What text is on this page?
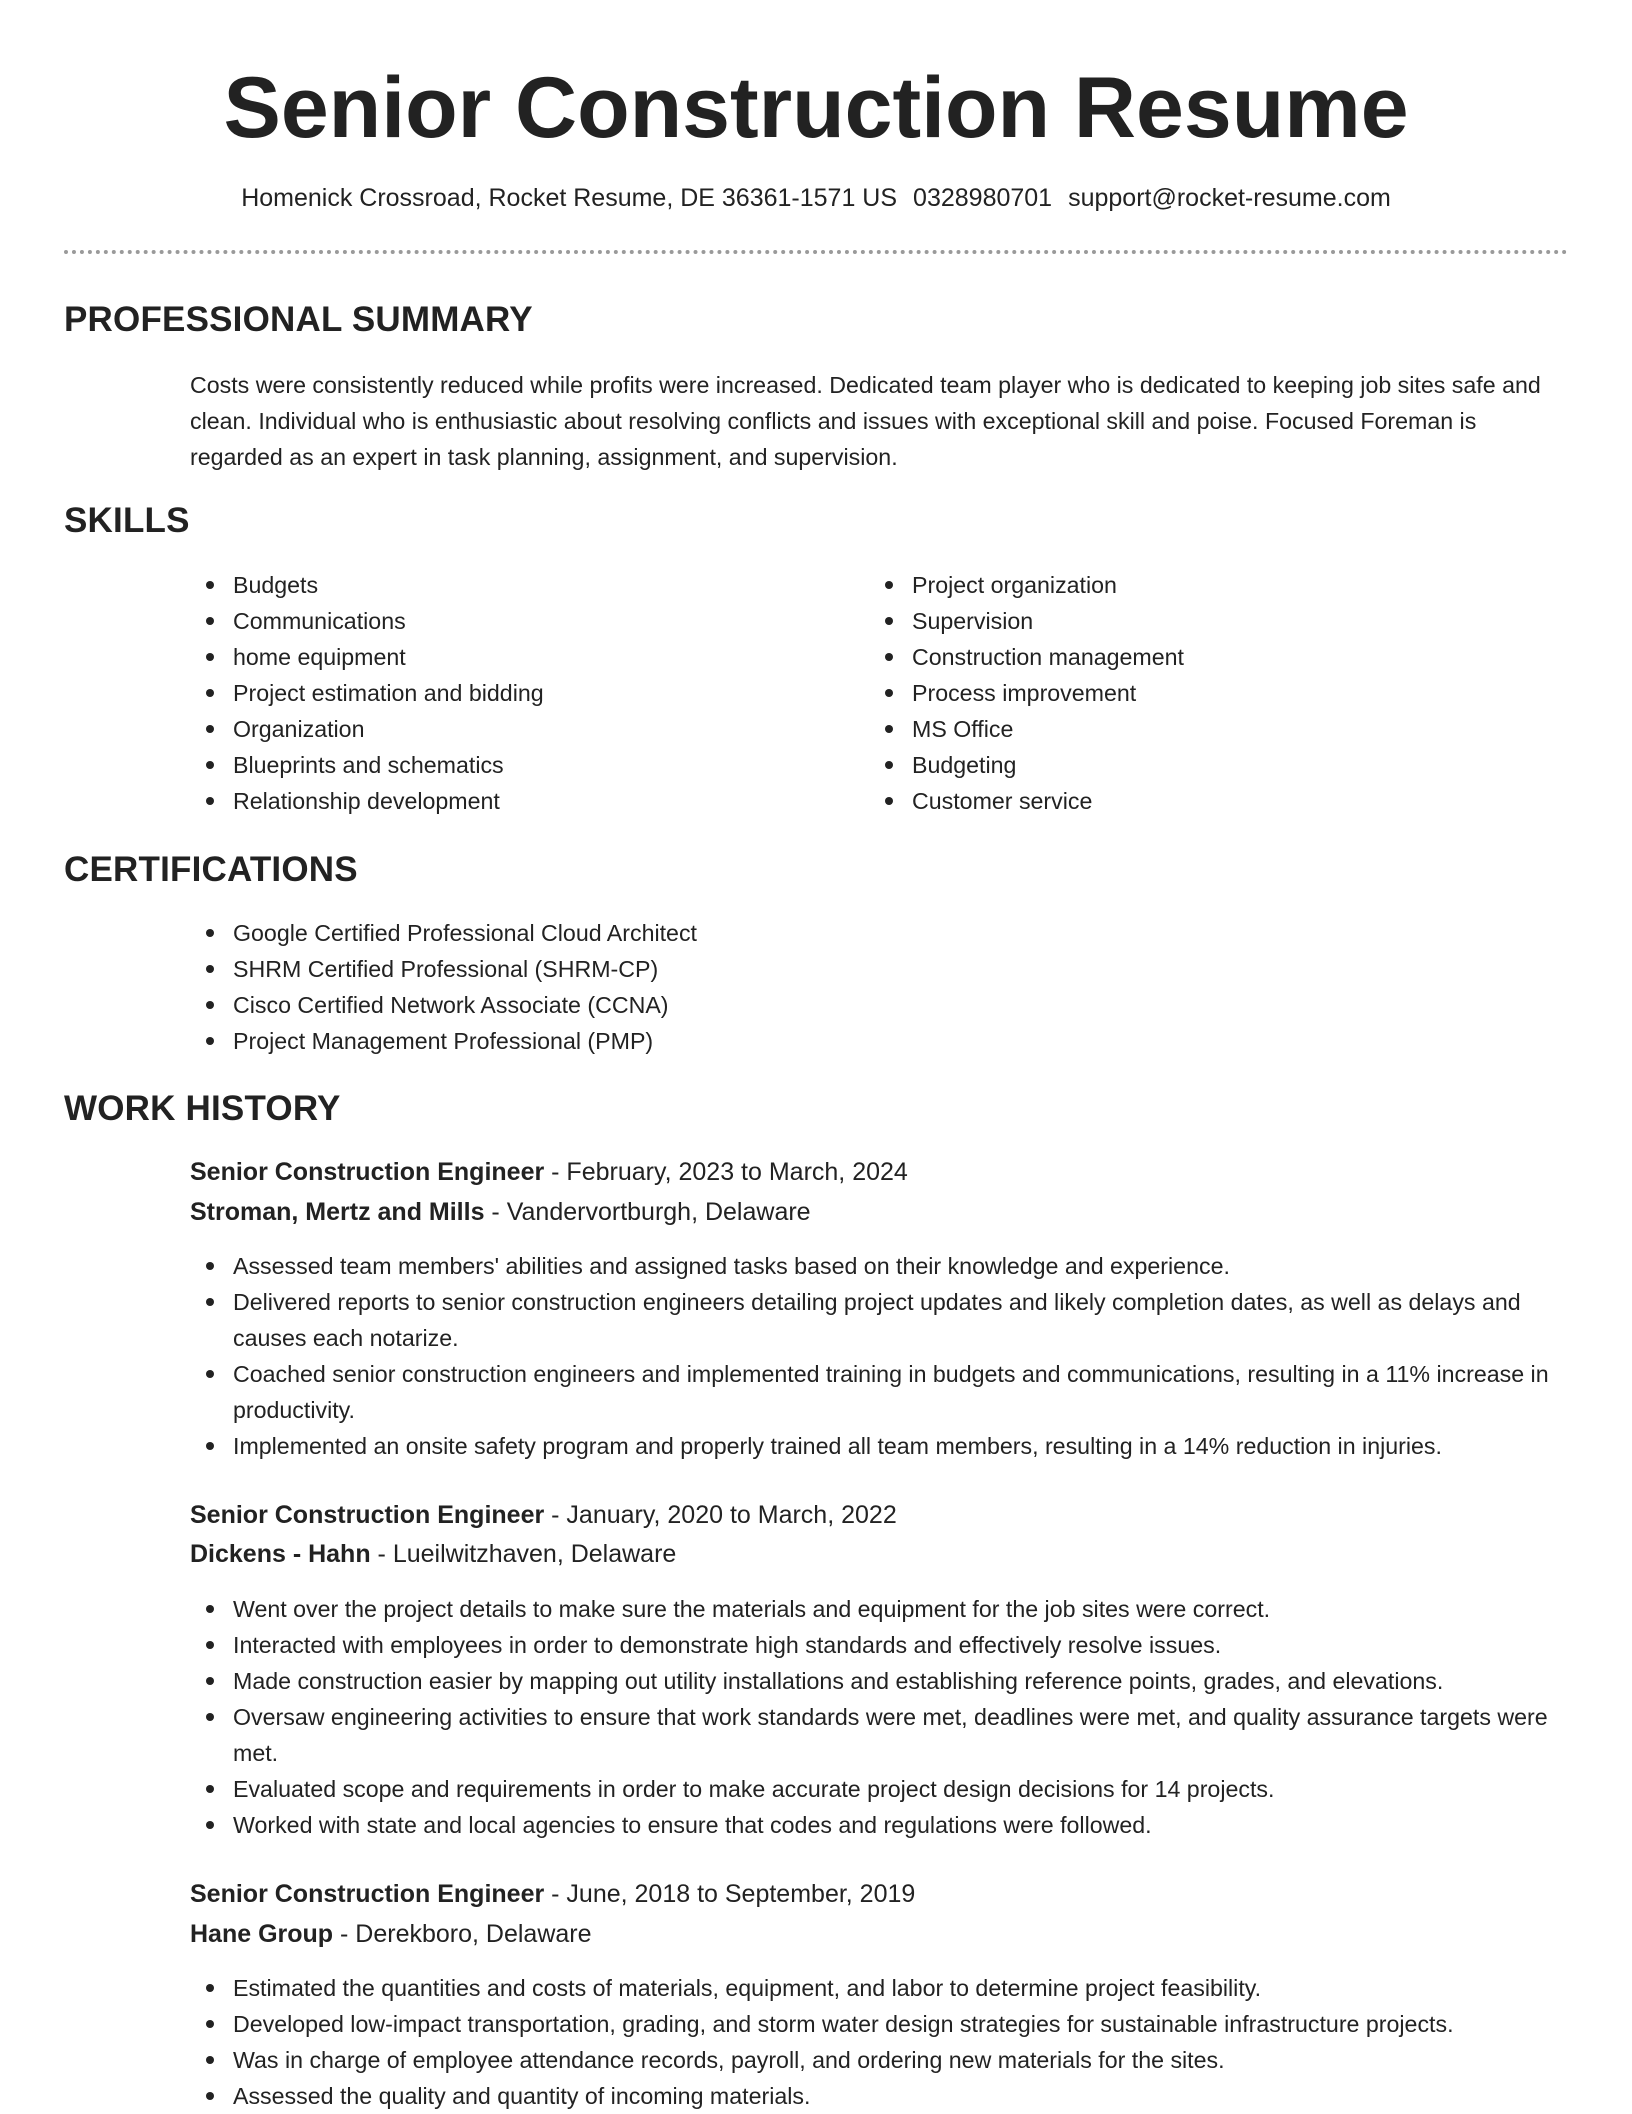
Senior Construction Resume
Homenick Crossroad, Rocket Resume, DE 36361-1571 US 0328980701 support@rocket-resume.com
PROFESSIONAL SUMMARY

Costs were consistently reduced while profits were increased. Dedicated team player who is dedicated to keeping job sites safe and clean. Individual who is enthusiastic about resolving conflicts and issues with exceptional skill and poise. Focused Foreman is regarded as an expert in task planning, assignment, and supervision.

SKILLS
Budgets
Communications
home equipment
Project estimation and bidding
Organization
Blueprints and schematics
Relationship development
Project organization
Supervision
Construction management
Process improvement
MS Office
Budgeting
Customer service
CERTIFICATIONS
Google Certified Professional Cloud Architect
SHRM Certified Professional (SHRM-CP)
Cisco Certified Network Associate (CCNA)
Project Management Professional (PMP)
WORK HISTORY
Senior Construction Engineer - February, 2023 to March, 2024
Stroman, Mertz and Mills - Vandervortburgh, Delaware
Assessed team members' abilities and assigned tasks based on their knowledge and experience.
Delivered reports to senior construction engineers detailing project updates and likely completion dates, as well as delays and causes each notarize.
Coached senior construction engineers and implemented training in budgets and communications, resulting in a 11% increase in productivity.
Implemented an onsite safety program and properly trained all team members, resulting in a 14% reduction in injuries.
Senior Construction Engineer - January, 2020 to March, 2022
Dickens - Hahn - Lueilwitzhaven, Delaware
Went over the project details to make sure the materials and equipment for the job sites were correct.
Interacted with employees in order to demonstrate high standards and effectively resolve issues.
Made construction easier by mapping out utility installations and establishing reference points, grades, and elevations.
Oversaw engineering activities to ensure that work standards were met, deadlines were met, and quality assurance targets were met.
Evaluated scope and requirements in order to make accurate project design decisions for 14 projects.
Worked with state and local agencies to ensure that codes and regulations were followed.
Senior Construction Engineer - June, 2018 to September, 2019
Hane Group - Derekboro, Delaware
Estimated the quantities and costs of materials, equipment, and labor to determine project feasibility.
Developed low-impact transportation, grading, and storm water design strategies for sustainable infrastructure projects.
Was in charge of employee attendance records, payroll, and ordering new materials for the sites.
Assessed the quality and quantity of incoming materials.
